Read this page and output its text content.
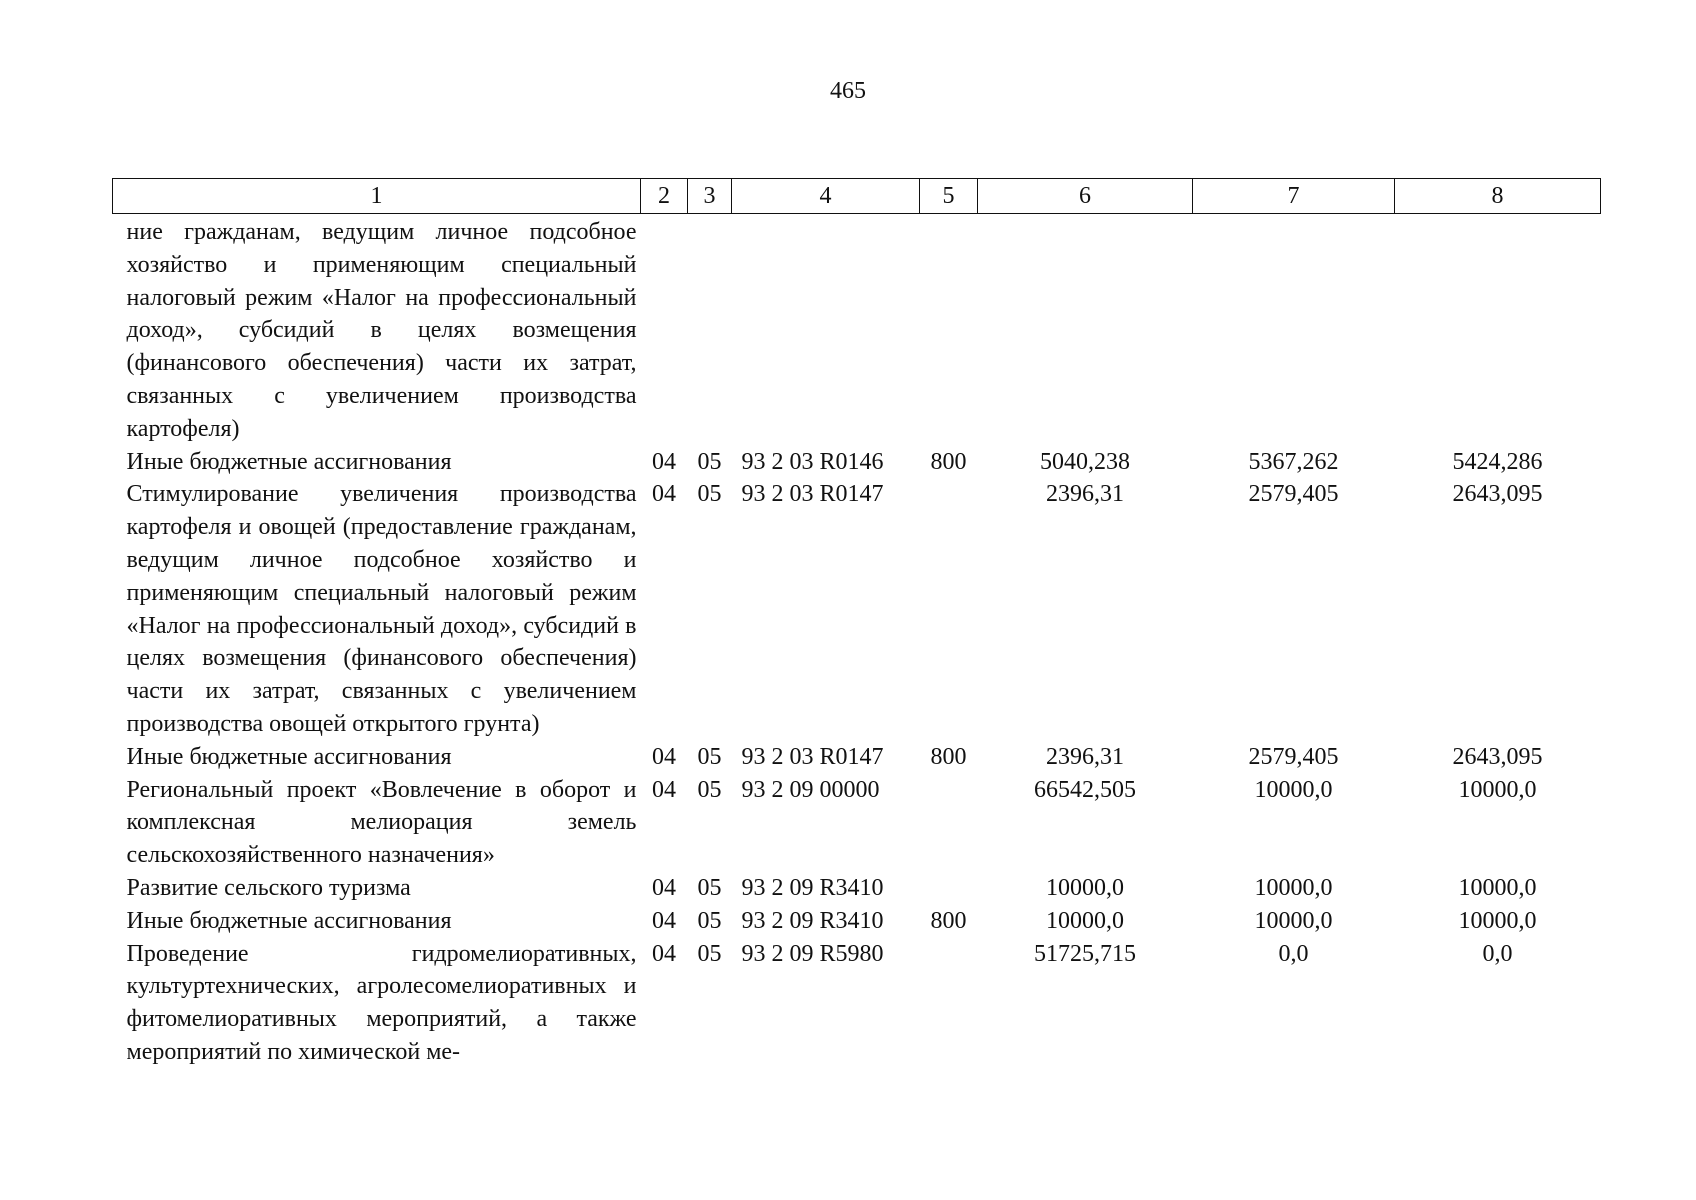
465
1	2	3	4	5	6	7	8
ние гражданам, ведущим личное подсобное хозяйство и применяющим специальный налоговый режим «Налог на профессиональный доход», субсидий в целях возмещения (финансового обеспечения) части их затрат, связанных с увеличением производства картофеля)							
Иные бюджетные ассигнования	04	05	93 2 03 R0146	800	5040,238	5367,262	5424,286
Стимулирование увеличения производства картофеля и овощей (предоставление гражданам, ведущим личное подсобное хозяйство и применяющим специальный налоговый режим «Налог на профессиональный доход», субсидий в целях возмещения (финансового обеспечения) части их затрат, связанных с увеличением производства овощей открытого грунта)	04	05	93 2 03 R0147		2396,31	2579,405	2643,095
Иные бюджетные ассигнования	04	05	93 2 03 R0147	800	2396,31	2579,405	2643,095
Региональный проект «Вовлечение в оборот и комплексная мелиорация земель сельскохозяйственного назначения»	04	05	93 2 09 00000		66542,505	10000,0	10000,0
Развитие сельского туризма	04	05	93 2 09 R3410		10000,0	10000,0	10000,0
Иные бюджетные ассигнования	04	05	93 2 09 R3410	800	10000,0	10000,0	10000,0
Проведение гидромелиоративных, культуртехнических, агролесомелиоративных и фитомелиоративных мероприятий, а также мероприятий по химической ме-	04	05	93 2 09 R5980		51725,715	0,0	0,0
